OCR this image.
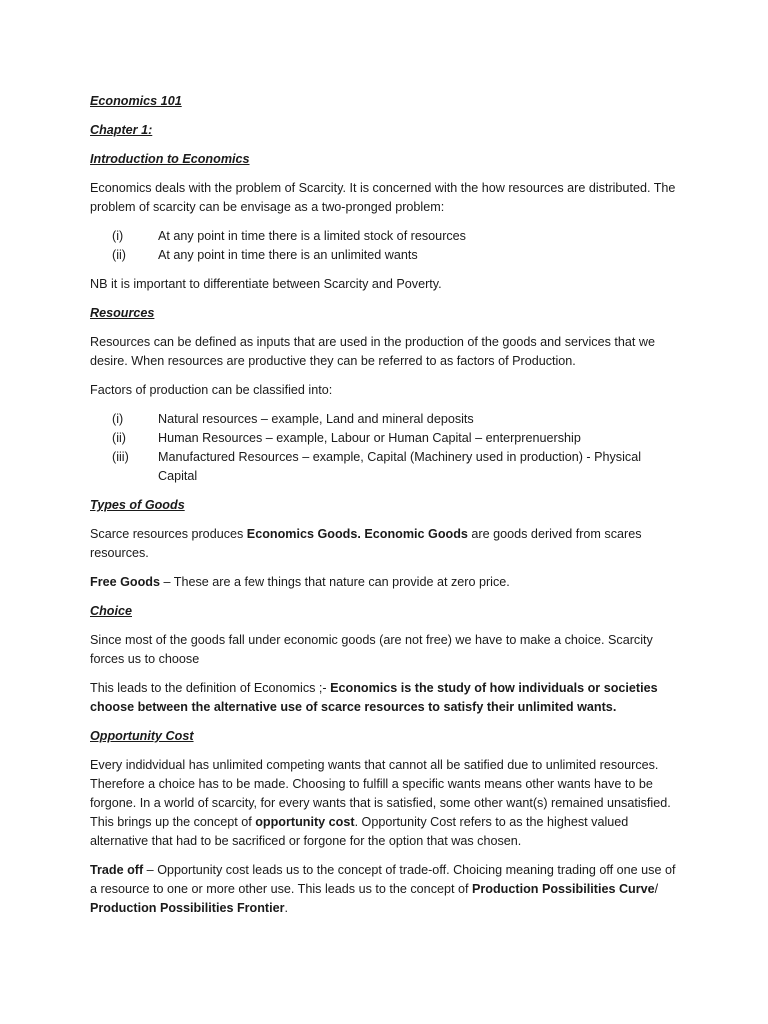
Economics 101

Chapter 1:

Introduction to Economics

Economics deals with the problem of Scarcity. It is concerned with the how resources are distributed. The problem of scarcity can be envisage as a two-pronged problem:

(i)	At any point in time there is a limited stock of resources
(ii)	At any point in time there is an unlimited wants

NB it is important to differentiate between Scarcity and Poverty.

Resources

Resources can be defined as inputs that are used in the production of the goods and services that we desire. When resources are productive they can be referred to as factors of Production.

Factors of production can be classified into:

(i)	Natural resources – example, Land and mineral deposits
(ii)	Human Resources – example, Labour or Human Capital – enterprenuership
(iii)	Manufactured Resources – example, Capital (Machinery used in production) - Physical Capital

Types of Goods

Scarce resources produces Economics Goods. Economic Goods are goods derived from scares resources.

Free Goods – These are a few things that nature can provide at zero price.

Choice

Since most of the goods fall under economic goods (are not free) we have to make a choice. Scarcity forces us to choose

This leads to the definition of Economics ;- Economics is the study of how individuals or societies choose between the alternative use of scarce resources to satisfy their unlimited wants.

Opportunity Cost

Every indidvidual has unlimited competing wants that cannot all be satified due to unlimited resources. Therefore a choice has to be made. Choosing to fulfill a specific wants means other wants have to be forgone. In a world of scarcity, for every wants that is satisfied, some other want(s) remained unsatisfied. This brings up the concept of opportunity cost. Opportunity Cost refers to as the highest valued alternative that had to be sacrificed or forgone for the option that was chosen.

Trade off – Opportunity cost leads us to the concept of trade-off. Choicing meaning trading off one use of a resource to one or more other use. This leads us to the concept of Production Possibilities Curve/ Production Possibilities Frontier.
